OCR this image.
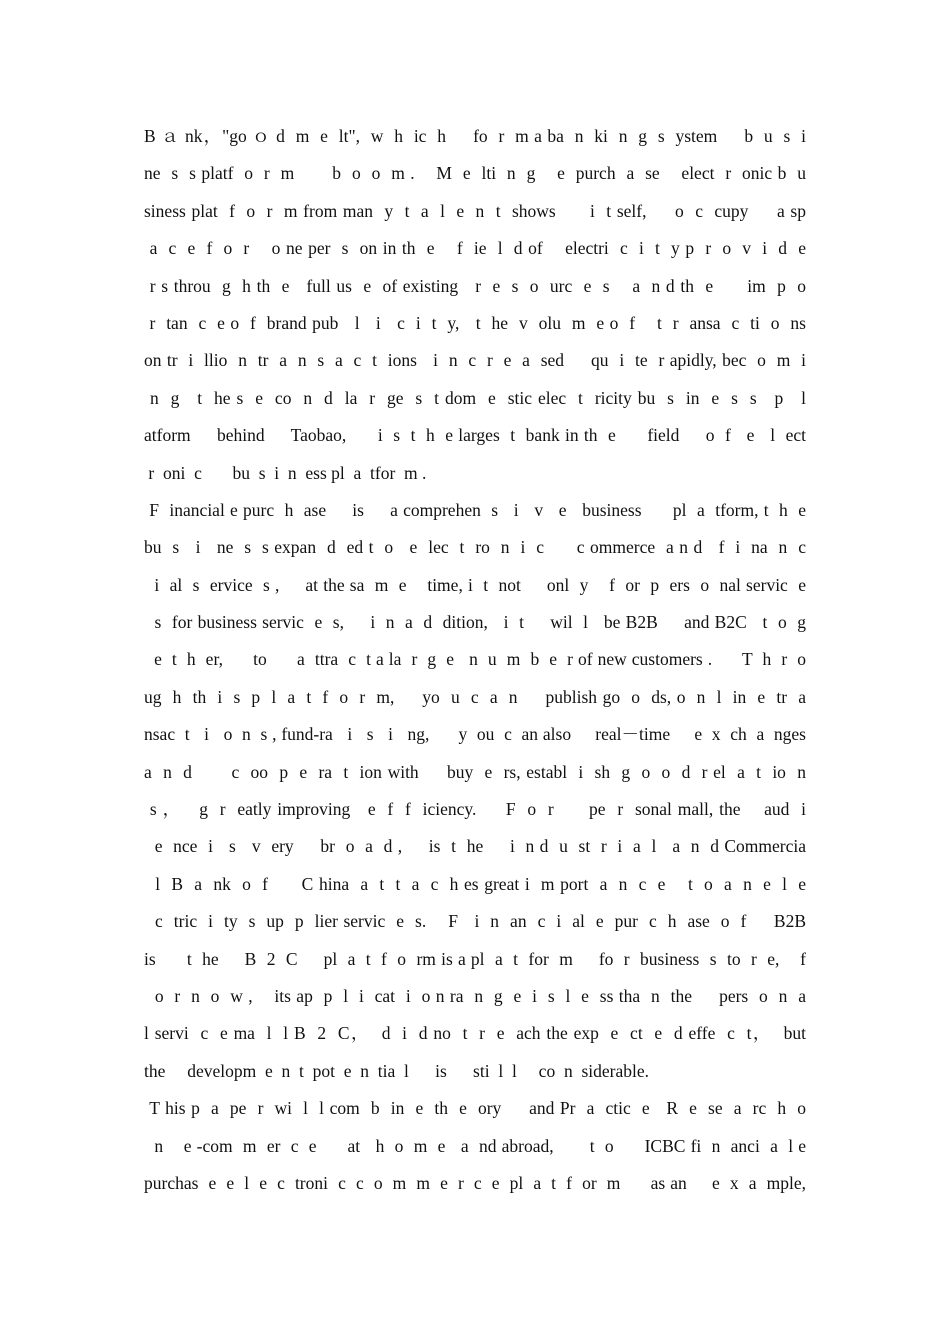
B ａ nk，"go ｏ d  m  e  lt",  w  h  ic  h     fo  r  m a ba  n  ki  n  g  s  ystem     b  u  s  i
ne  s  s platf  o  r  m       b  o  o  m .    M  e  lti  n  g    e  purch  a  se    elect  r  onic b  u
siness plat  f  o  r  m from man  y  t  a  l  e  n  t  shows      i  t self,     o  c  cupy     a sp
a  c  e  f  o  r    o ne per  s  on in th  e    f  ie  l  d of    electri  c  i  t  y p  r  o  v  i  d  e
r s throu  g  h th  e   full us  e  of existing   r  e  s  o  urc  e  s    a  n d th  e      im  p  o
r  tan  c  e o  f  brand pub   l   i   c  i  t  y,   t  he  v  olu  m  e o  f    t  r  ansa  c  ti  o  ns
on tr  i  llio  n  tr  a  n  s  a  c  t  ions   i  n  c  r  e  a  sed     qu  i  te  r apidly, bec  o  m  i
n  g   t  he s  e  co  n  d  la  r  ge  s  t dom  e  stic elec  t  ricity bu  s  in  e  s  s   p   l
atform     behind     Taobao,      i  s  t  h  e larges  t  bank in th  e      field     o  f   e   l  ect
r  oni  c       bu  s  i  n  ess pl  a  tfor  m .
F  inancial e purc  h  ase     is     a comprehen  s   i   v   e   business      pl  a  tform, t  h  e
bu  s   i   ne  s  s expan  d  ed t  o   e  lec  t  ro  n  i  c      c ommerce  a n d   f  i  na  n  c
i  al  s  ervice  s ,     at the sa  m  e    time, i  t  not     onl  y    f  or  p  ers  o  nal servic  e
s  for business servic  e  s,     i  n  a  d  dition,   i  t     wil  l   be B2B     and B2C   t  o  g
e  t  h  er,      to      a  ttra  c  t a la  r  g  e   n  u  m  b  e  r of new customers .      T  h  r  o
ug  h  th  i  s  p  l  a  t  f  o  r  m,     yo  u  c  a  n     publish go  o  ds, o  n  l  in  e  tr  a
nsac  t   i   o  n  s , fund-ra   i   s   i   ng,      y  ou  c  an also     real－time     e  x  ch  a  nges
a  n  d       c  oo  p  e  ra  t  ion with     buy  e  rs, establ  i  sh  g  o  o  d  r el  a  t  io  n
s ，   g  r  eatly improving   e  f  f  iciency.     F  o  r      pe  r  sonal mall, the    aud  i
e  nce  i   s   v  ery     br  o  a  d ,     is  t  he     i  n d  u  st  r  i  a  l   a  n  d Commercia
l  B  a  nk  o  f      C hina  a  t  t  a  c  h es great i  m port  a  n  c  e    t  o  a  n  e  l  e
c  tric  i  ty  s  up  p  lier servic  e  s.    F   i  n  an  c  i  al  e  pur  c  h  ase  o  f     B2B
is      t  he     B  2  C     pl  a  t  f  o  rm is a pl  a  t  for  m     fo  r  business  s  to  r  e,    f
o  r  n  o  w ,    its ap  p  l  i  cat  i  o n ra  n  g  e  i  s  l  e  ss tha  n  the     pers  o  n  a
l servi  c  e ma  l  l B  2  C，  d  i  d no  t  r  e  ach the exp  e  ct  e  d effe  c  t，  but
the     developm  e  n  t  pot  e  n  tia  l      is      sti  l  l     co  n  siderable.
T his p  a  pe  r  wi  l  l com  b  in  e  th  e  ory     and Pr  a  ctic  e   R  e  se  a  rc  h  o
n    e -com  m  er  c  e      at   h  o  m  e   a  nd abroad,       t  o      ICBC fi  n  anci  a  l e
purchas  e  e  l  e  c  troni  c  c  o  m  m  e  r  c  e  pl  a  t  f  or  m      as an     e  x  a  mple,
